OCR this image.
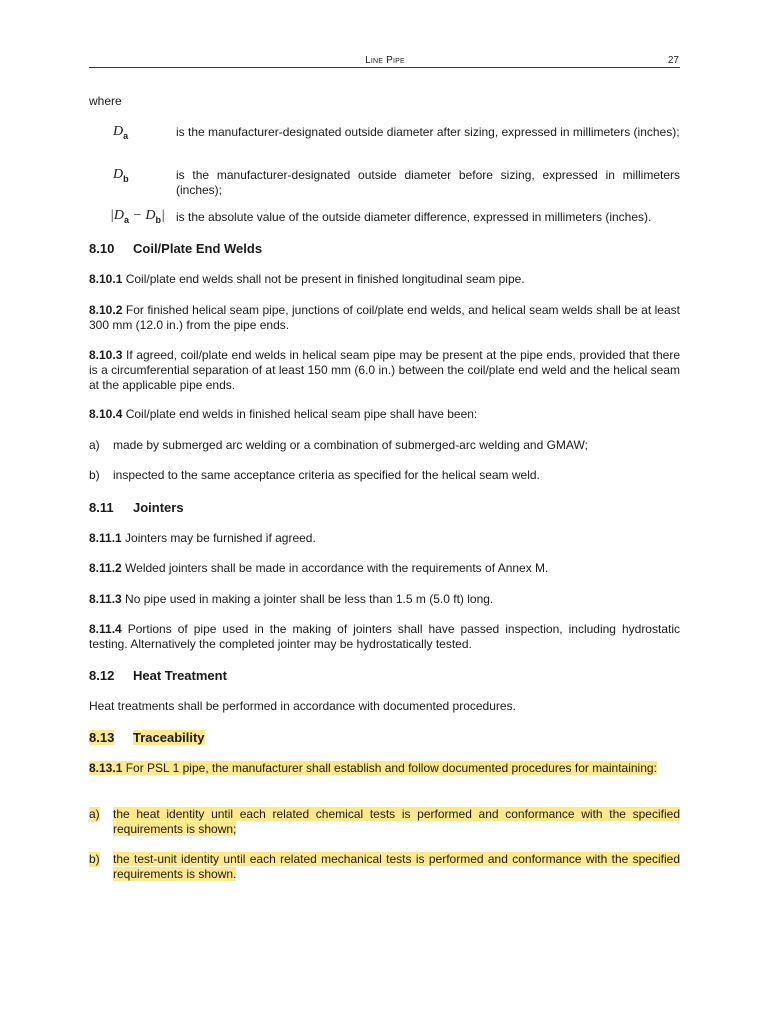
Line Pipe	27
where
$D_a$	is the manufacturer-designated outside diameter after sizing, expressed in millimeters (inches);
$D_b$	is the manufacturer-designated outside diameter before sizing, expressed in millimeters (inches);
$|D_a - D_b|$ is the absolute value of the outside diameter difference, expressed in millimeters (inches).
8.10 Coil/Plate End Welds
8.10.1 Coil/plate end welds shall not be present in finished longitudinal seam pipe.
8.10.2 For finished helical seam pipe, junctions of coil/plate end welds, and helical seam welds shall be at least 300 mm (12.0 in.) from the pipe ends.
8.10.3 If agreed, coil/plate end welds in helical seam pipe may be present at the pipe ends, provided that there is a circumferential separation of at least 150 mm (6.0 in.) between the coil/plate end weld and the helical seam at the applicable pipe ends.
8.10.4 Coil/plate end welds in finished helical seam pipe shall have been:
a) made by submerged arc welding or a combination of submerged-arc welding and GMAW;
b) inspected to the same acceptance criteria as specified for the helical seam weld.
8.11 Jointers
8.11.1 Jointers may be furnished if agreed.
8.11.2 Welded jointers shall be made in accordance with the requirements of Annex M.
8.11.3 No pipe used in making a jointer shall be less than 1.5 m (5.0 ft) long.
8.11.4 Portions of pipe used in the making of jointers shall have passed inspection, including hydrostatic testing. Alternatively the completed jointer may be hydrostatically tested.
8.12 Heat Treatment
Heat treatments shall be performed in accordance with documented procedures.
8.13 Traceability
8.13.1 For PSL 1 pipe, the manufacturer shall establish and follow documented procedures for maintaining:
a) the heat identity until each related chemical tests is performed and conformance with the specified requirements is shown;
b) the test-unit identity until each related mechanical tests is performed and conformance with the specified requirements is shown.
